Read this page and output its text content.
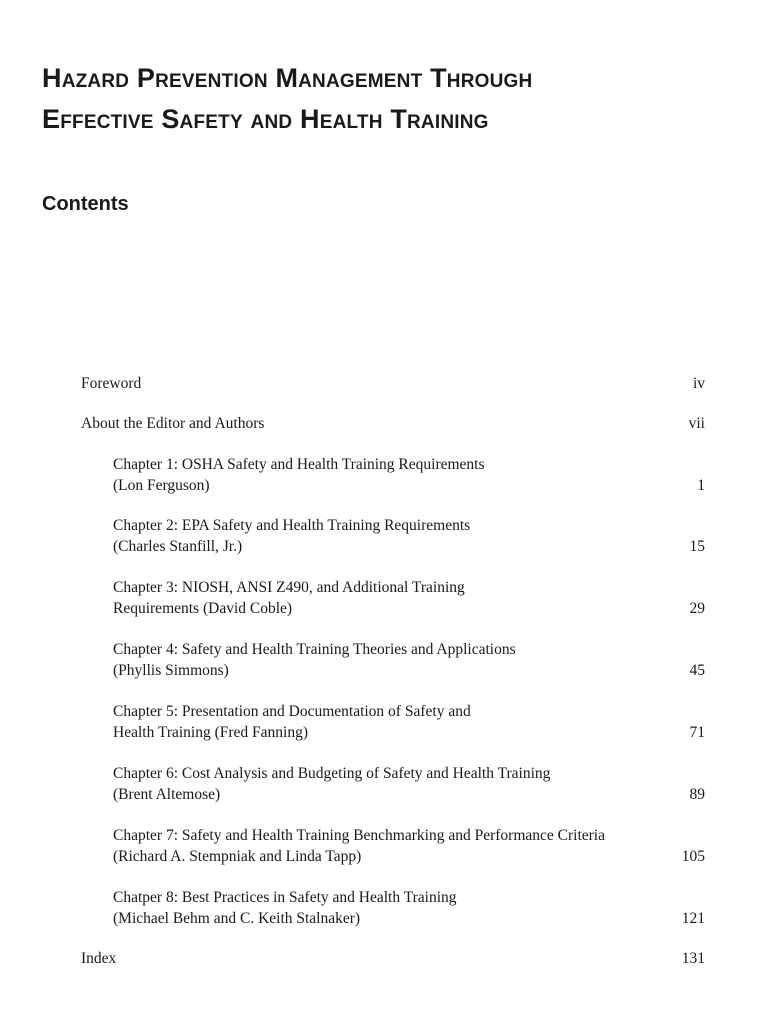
Hazard Prevention Management Through
Effective Safety and Health Training
Contents
Foreword	iv
About the Editor and Authors	vii
Chapter 1: OSHA Safety and Health Training Requirements
(Lon Ferguson)	1
Chapter 2: EPA Safety and Health Training Requirements
(Charles Stanfill, Jr.)	15
Chapter 3: NIOSH, ANSI Z490, and Additional Training
Requirements (David Coble)	29
Chapter 4: Safety and Health Training Theories and Applications
(Phyllis Simmons)	45
Chapter 5: Presentation and Documentation of Safety and
Health Training (Fred Fanning)	71
Chapter 6: Cost Analysis and Budgeting of Safety and Health Training
(Brent Altemose)	89
Chapter 7: Safety and Health Training Benchmarking and Performance Criteria
(Richard A. Stempniak and Linda Tapp)	105
Chatper 8: Best Practices in Safety and Health Training
(Michael Behm and C. Keith Stalnaker)	121
Index	131
